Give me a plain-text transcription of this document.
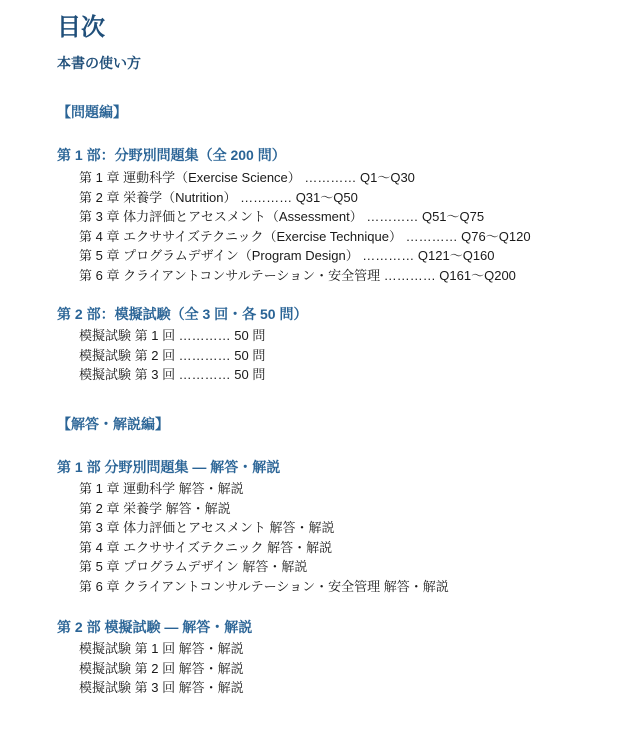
目次
本書の使い方
【問題編】
第 1 部：分野別問題集（全 200 問）
第 1 章 運動科学（Exercise Science） ………… Q1〜Q30
第 2 章 栄養学（Nutrition） ………… Q31〜Q50
第 3 章 体力評価とアセスメント（Assessment） ………… Q51〜Q75
第 4 章 エクササイズテクニック（Exercise Technique） ………… Q76〜Q120
第 5 章 プログラムデザイン（Program Design） ………… Q121〜Q160
第 6 章 クライアントコンサルテーション・安全管理 ………… Q161〜Q200
第 2 部：模擬試験（全 3 回・各 50 問）
模擬試験 第 1 回 ………… 50 問
模擬試験 第 2 回 ………… 50 問
模擬試験 第 3 回 ………… 50 問
【解答・解説編】
第 1 部 分野別問題集 — 解答・解説
第 1 章 運動科学 解答・解説
第 2 章 栄養学 解答・解説
第 3 章 体力評価とアセスメント 解答・解説
第 4 章 エクササイズテクニック 解答・解説
第 5 章 プログラムデザイン 解答・解説
第 6 章 クライアントコンサルテーション・安全管理 解答・解説
第 2 部 模擬試験 — 解答・解説
模擬試験 第 1 回 解答・解説
模擬試験 第 2 回 解答・解説
模擬試験 第 3 回 解答・解説
